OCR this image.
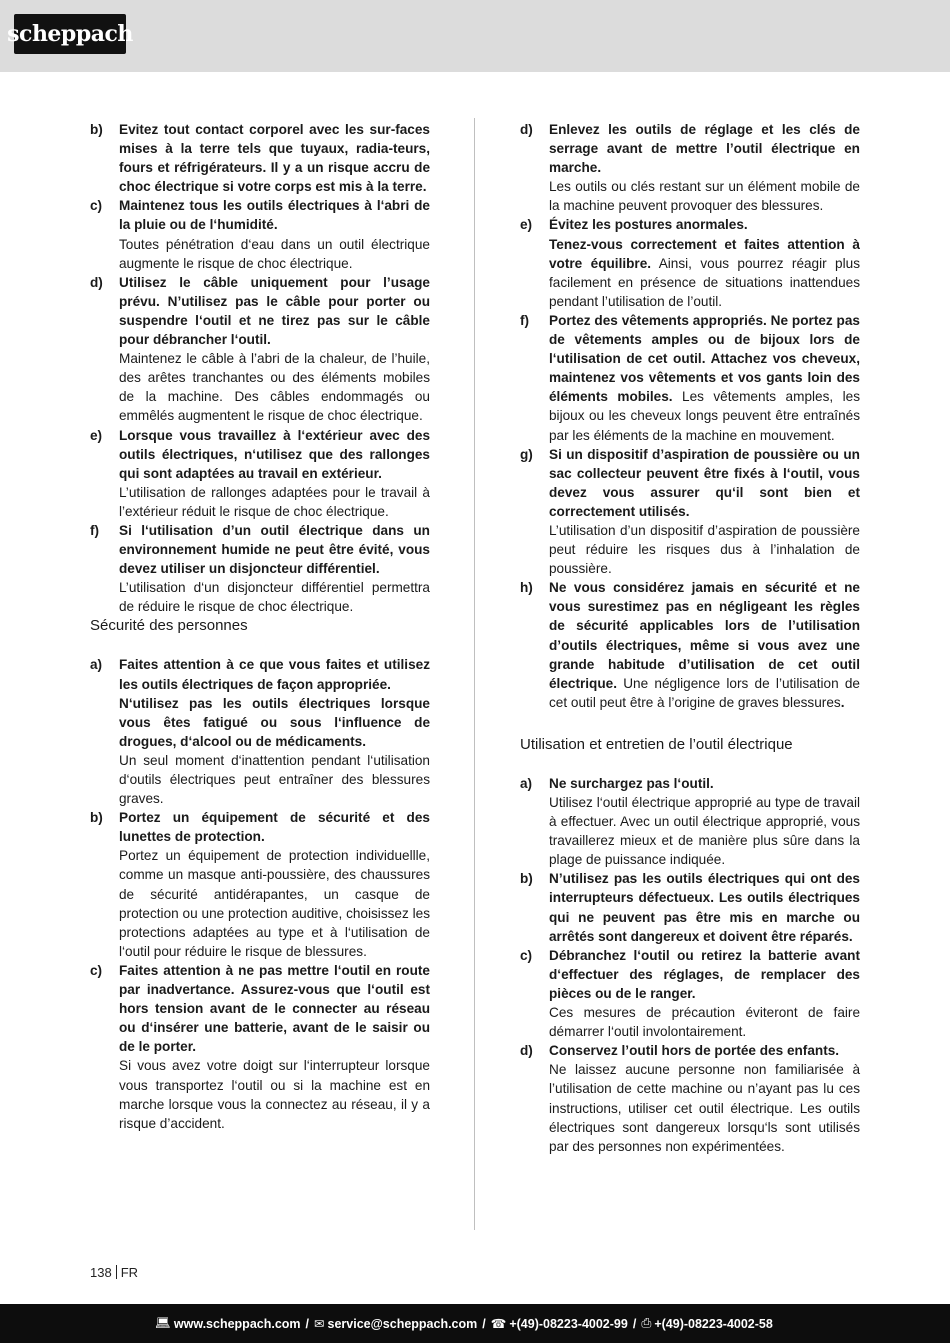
scheppach
b)	Evitez tout contact corporel avec les sur-faces mises à la terre tels que tuyaux, radia-teurs, fours et réfrigérateurs. Il y a un risque accru de choc électrique si votre corps est mis à la terre.
c)	Maintenez tous les outils électriques à l‘abri de la pluie ou de l‘humidité.
Toutes pénétration d‘eau dans un outil électrique augmente le risque de choc électrique.
d)	Utilisez le câble uniquement pour l’usage prévu. N’utilisez pas le câble pour porter ou suspendre l‘outil et ne tirez pas sur le câble pour débrancher l‘outil.
Maintenez le câble à l’abri de la chaleur, de l’huile, des arêtes tranchantes ou des éléments mobiles de la machine. Des câbles endommagés ou emmêlés augmentent le risque de choc électrique.
e)	Lorsque vous travaillez à l‘extérieur avec des outils électriques, n‘utilisez que des rallonges qui sont adaptées au travail en extérieur.
L’utilisation de rallonges adaptées pour le travail à l’extérieur réduit le risque de choc électrique.
f)	Si l‘utilisation d’un outil électrique dans un environnement humide ne peut être évité, vous devez utiliser un disjoncteur différentiel.
L’utilisation d‘un disjoncteur différentiel permettra de réduire le risque de choc électrique.
Sécurité des personnes
a)	Faites attention à ce que vous faites et utilisez les outils électriques de façon appropriée.
N‘utilisez pas les outils électriques lorsque vous êtes fatigué ou sous l‘influence de drogues, d‘alcool ou de médicaments.
Un seul moment d‘inattention pendant l‘utilisation d‘outils électriques peut entraîner des blessures graves.
b)	Portez un équipement de sécurité et des lunettes de protection.
Portez un équipement de protection individuellle, comme un masque anti-poussière, des chaussures de sécurité antidérapantes, un casque de protection ou une protection auditive, choisissez les protections adaptées au type et à l‘utilisation de l‘outil pour réduire le risque de blessures.
c)	Faites attention à ne pas mettre l‘outil en route par inadvertance. Assurez-vous que l‘outil est hors tension avant de le connecter au réseau ou d‘insérer une batterie, avant de le saisir ou de le porter.
Si vous avez votre doigt sur l‘interrupteur lorsque vous transportez l‘outil ou si la machine est en marche lorsque vous la connectez au réseau, il y a risque d’accident.
d)	Enlevez les outils de réglage et les clés de serrage avant de mettre l’outil électrique en marche.
Les outils ou clés restant sur un élément mobile de la machine peuvent provoquer des blessures.
e)	Évitez les postures anormales.
Tenez-vous correctement et faites attention à votre équilibre. Ainsi, vous pourrez réagir plus facilement en présence de situations inattendues pendant l’utilisation de l’outil.
f)	Portez des vêtements appropriés. Ne portez pas de vêtements amples ou de bijoux lors de l‘utilisation de cet outil. Attachez vos cheveux, maintenez vos vêtements et vos gants loin des éléments mobiles. Les vêtements amples, les bijoux ou les cheveux longs peuvent être entraînés par les éléments de la machine en mouvement.
g)	Si un dispositif d’aspiration de poussière ou un sac collecteur peuvent être fixés à l‘outil, vous devez vous assurer qu‘il sont bien et correctement utilisés.
L’utilisation d’un dispositif d’aspiration de poussière peut réduire les risques dus à l’inhalation de poussière.
h)	Ne vous considérez jamais en sécurité et ne vous surestimez pas en négligeant les règles de sécurité applicables lors de l’utilisation d’outils électriques, même si vous avez une grande habitude d’utilisation de cet outil électrique. Une négligence lors de l’utilisation de cet outil peut être à l’origine de graves blessures.
Utilisation et entretien de l’outil électrique
a)	Ne surchargez pas l‘outil.
Utilisez l‘outil électrique approprié au type de travail à effectuer. Avec un outil électrique approprié, vous travaillerez mieux et de manière plus sûre dans la plage de puissance indiquée.
b)	N’utilisez pas les outils électriques qui ont des interrupteurs défectueux. Les outils électriques qui ne peuvent pas être mis en marche ou arrêtés sont dangereux et doivent être réparés.
c)	Débranchez l‘outil ou retirez la batterie avant d‘effectuer des réglages, de remplacer des pièces ou de le ranger.
Ces mesures de précaution éviteront de faire démarrer l‘outil involontairement.
d)	Conservez l’outil hors de portée des enfants.
Ne laissez aucune personne non familiarisée à l’utilisation de cette machine ou n’ayant pas lu ces instructions, utiliser cet outil électrique. Les outils électriques sont dangereux lorsqu‘ls sont utilisés par des personnes non expérimentées.
138 FR
💻︎ www.scheppach.com / ✉ service@scheppach.com / ☎ +(49)-08223-4002-99 / ⎙ +(49)-08223-4002-58
